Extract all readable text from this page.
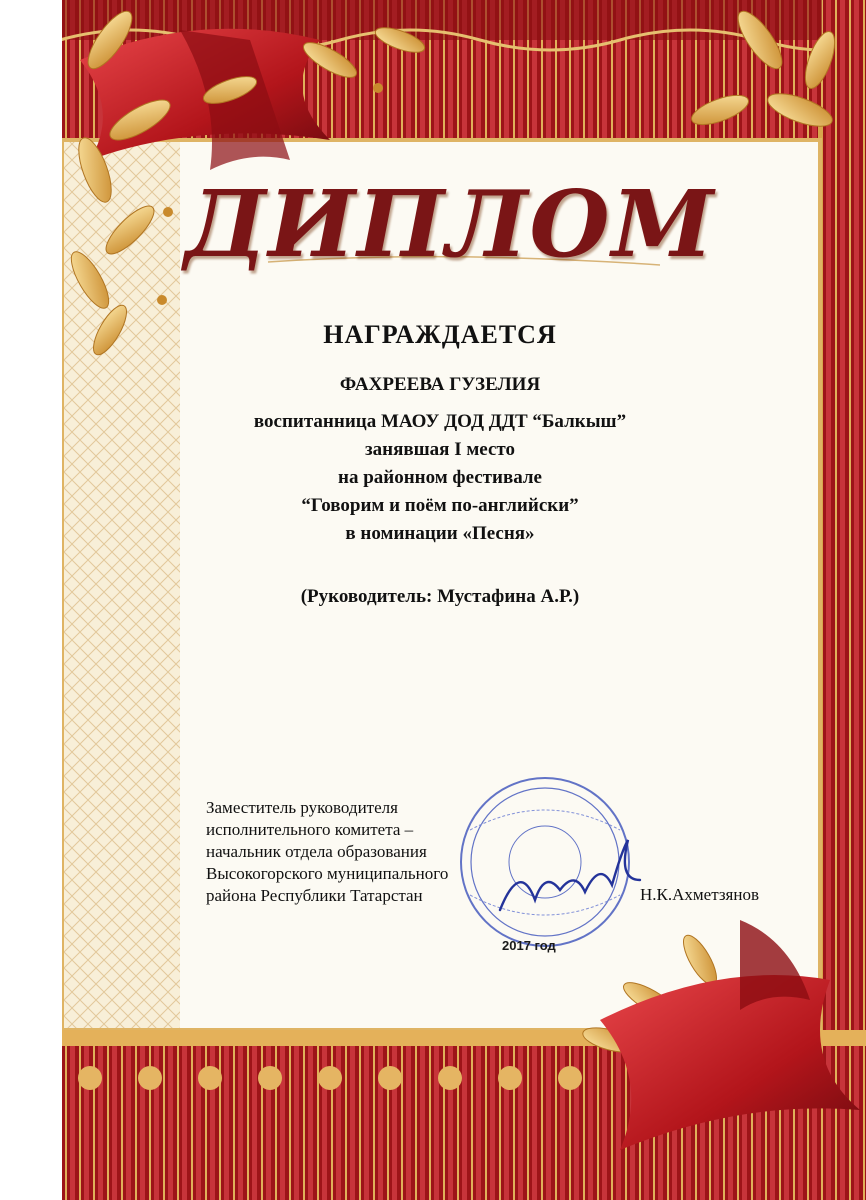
ДИПЛОМ
НАГРАЖДАЕТСЯ
ФАХРЕЕВА ГУЗЕЛИЯ
воспитанница МАОУ ДОД ДДТ “Балкыш”
занявшая I место
на районном фестивале
“Говорим и поём по-английски”
в номинации «Песня»
(Руководитель: Мустафина А.Р.)
Заместитель руководителя
исполнительного комитета –
начальник отдела образования
Высокогорского муниципального
района Республики Татарстан	Н.К.Ахметзянов
2017 год
